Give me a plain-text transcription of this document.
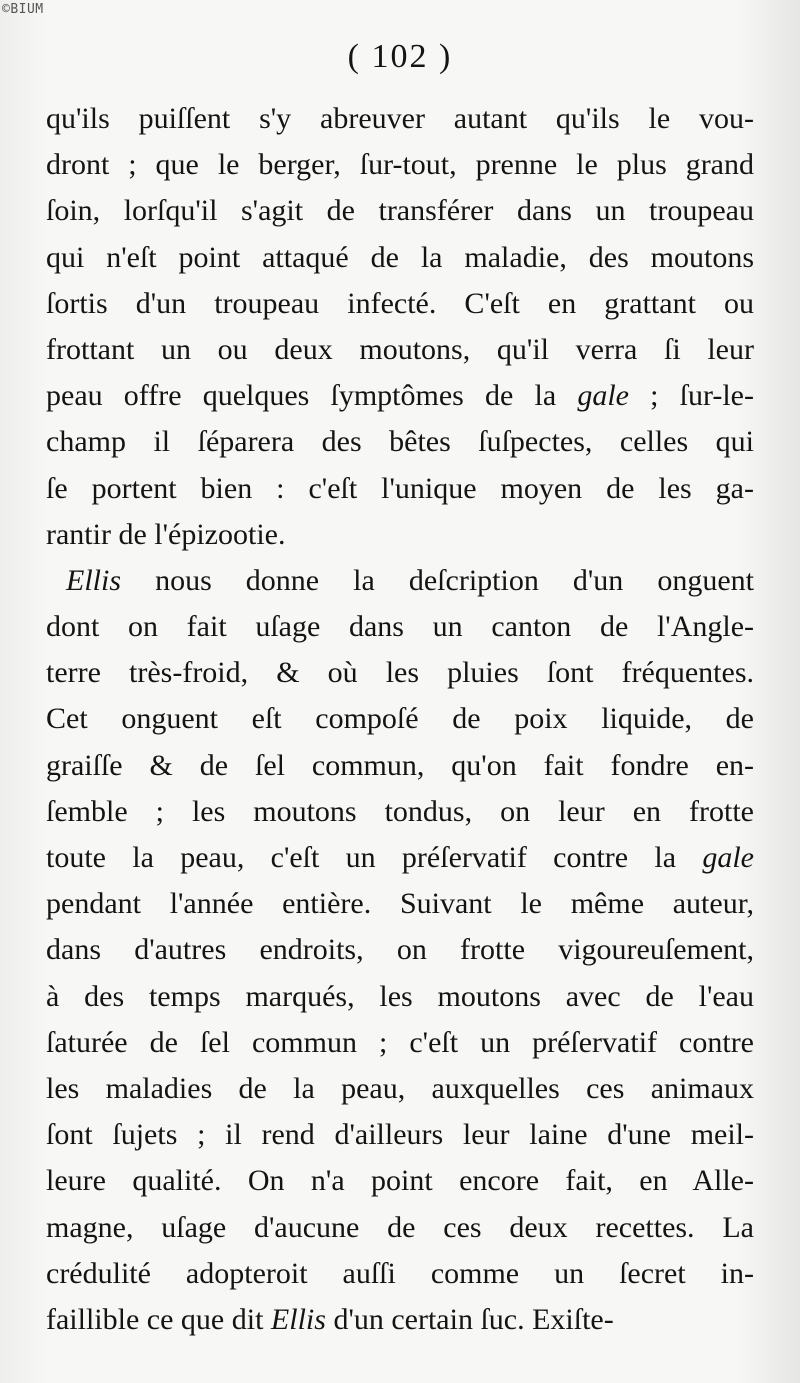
©BIUM
( 102 )
qu'ils puiſſent s'y abreuver autant qu'ils le vou-
dront ; que le berger, ſur-tout, prenne le plus grand
ſoin, lorſqu'il s'agit de transférer dans un troupeau
qui n'eſt point attaqué de la maladie, des moutons
ſortis d'un troupeau infecté. C'eſt en grattant ou
frottant un ou deux moutons, qu'il verra ſi leur
peau offre quelques ſymptômes de la gale ; ſur-le-
champ il ſéparera des bêtes ſuſpectes, celles qui
ſe portent bien : c'eſt l'unique moyen de les ga-
rantir de l'épizootie.
Ellis nous donne la deſcription d'un onguent
dont on fait uſage dans un canton de l'Angle-
terre très-froid, & où les pluies ſont fréquentes.
Cet onguent eſt compoſé de poix liquide, de
graiſſe & de ſel commun, qu'on fait fondre en-
ſemble ; les moutons tondus, on leur en frotte
toute la peau, c'eſt un préſervatif contre la gale
pendant l'année entière. Suivant le même auteur,
dans d'autres endroits, on frotte vigoureuſement,
à des temps marqués, les moutons avec de l'eau
ſaturée de ſel commun ; c'eſt un préſervatif contre
les maladies de la peau, auxquelles ces animaux
ſont ſujets ; il rend d'ailleurs leur laine d'une meil-
leure qualité. On n'a point encore fait, en Alle-
magne, uſage d'aucune de ces deux recettes. La
crédulité adopteroit auſſi comme un ſecret in-
faillible ce que dit Ellis d'un certain ſuc. Exiſte-
